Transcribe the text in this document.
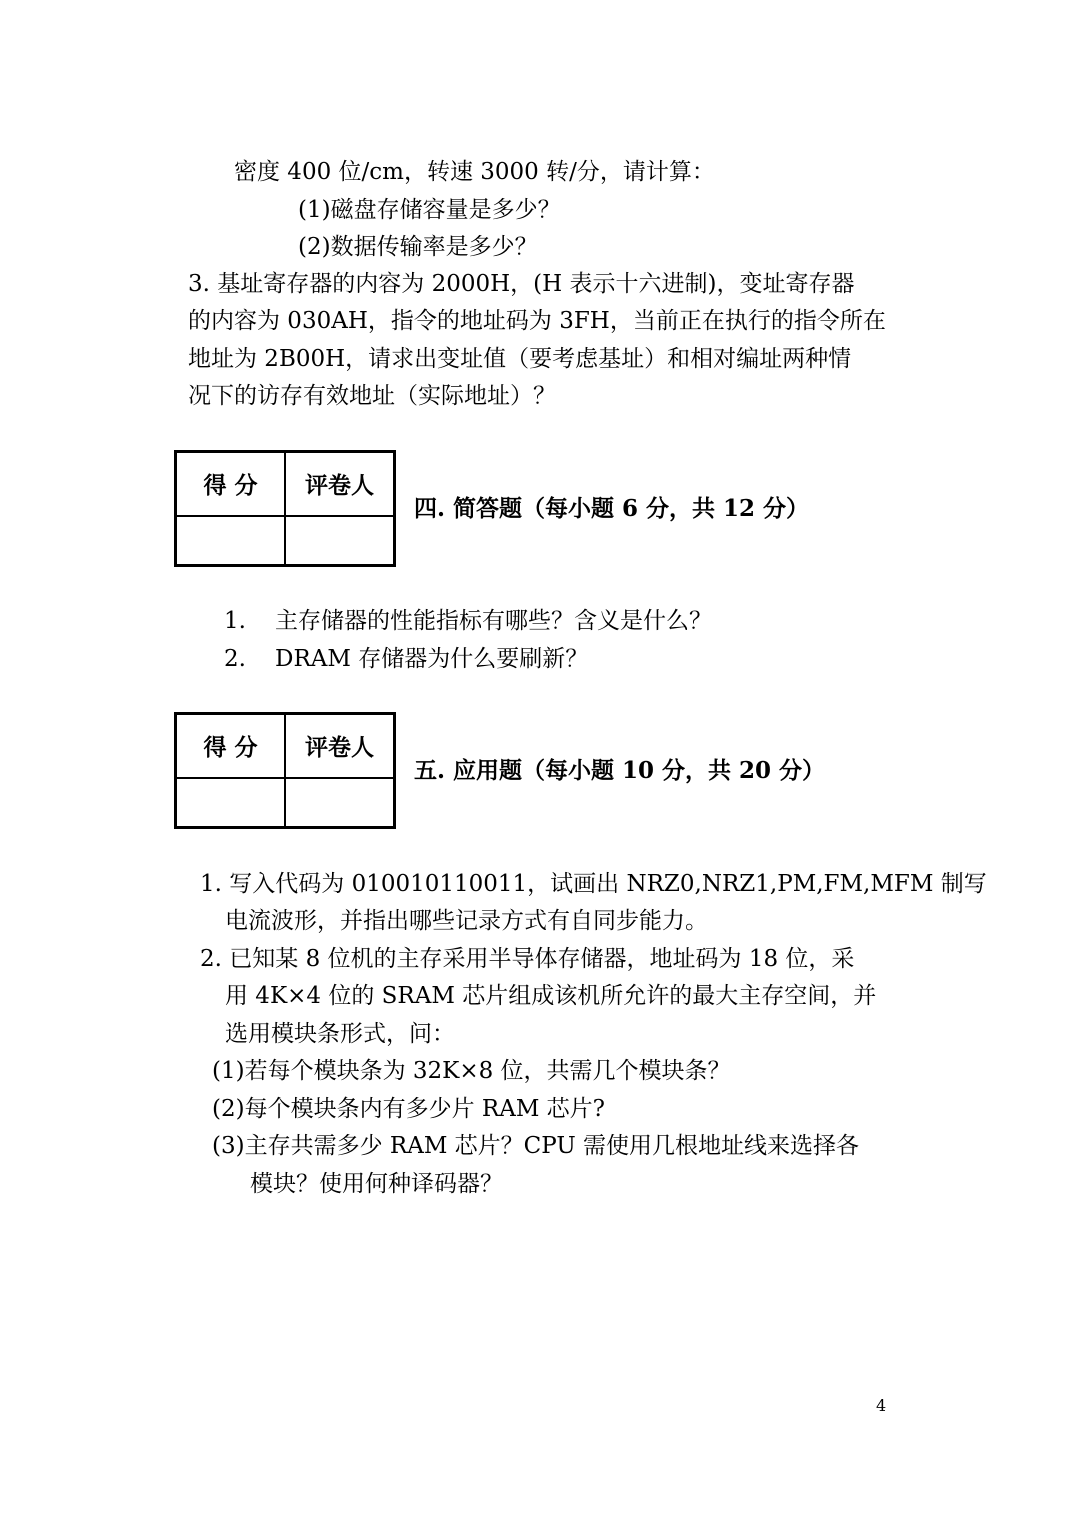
密度 400 位/cm，转速 3000 转/分，请计算：
(1)磁盘存储容量是多少？
(2)数据传输率是多少？
3. 基址寄存器的内容为 2000H，(H 表示十六进制)，变址寄存器
的内容为 030AH，指令的地址码为 3FH，当前正在执行的指令所在
地址为 2B00H，请求出变址值（要考虑基址）和相对编址两种情
况下的访存有效地址（实际地址）？
得 分	评卷人

四. 简答题（每小题 6 分，共 12 分）
1. 主存储器的性能指标有哪些？含义是什么？
2. DRAM 存储器为什么要刷新？
得 分	评卷人

五. 应用题（每小题 10 分，共 20 分）
1. 写入代码为 010010110011，试画出 NRZ0,NRZ1,PM,FM,MFM 制写
电流波形，并指出哪些记录方式有自同步能力。
2. 已知某 8 位机的主存采用半导体存储器，地址码为 18 位，采
用 4K×4 位的 SRAM 芯片组成该机所允许的最大主存空间，并
选用模块条形式，问：
(1)若每个模块条为 32K×8 位，共需几个模块条？
(2)每个模块条内有多少片 RAM 芯片?
(3)主存共需多少 RAM 芯片？CPU 需使用几根地址线来选择各
模块？使用何种译码器？
4
